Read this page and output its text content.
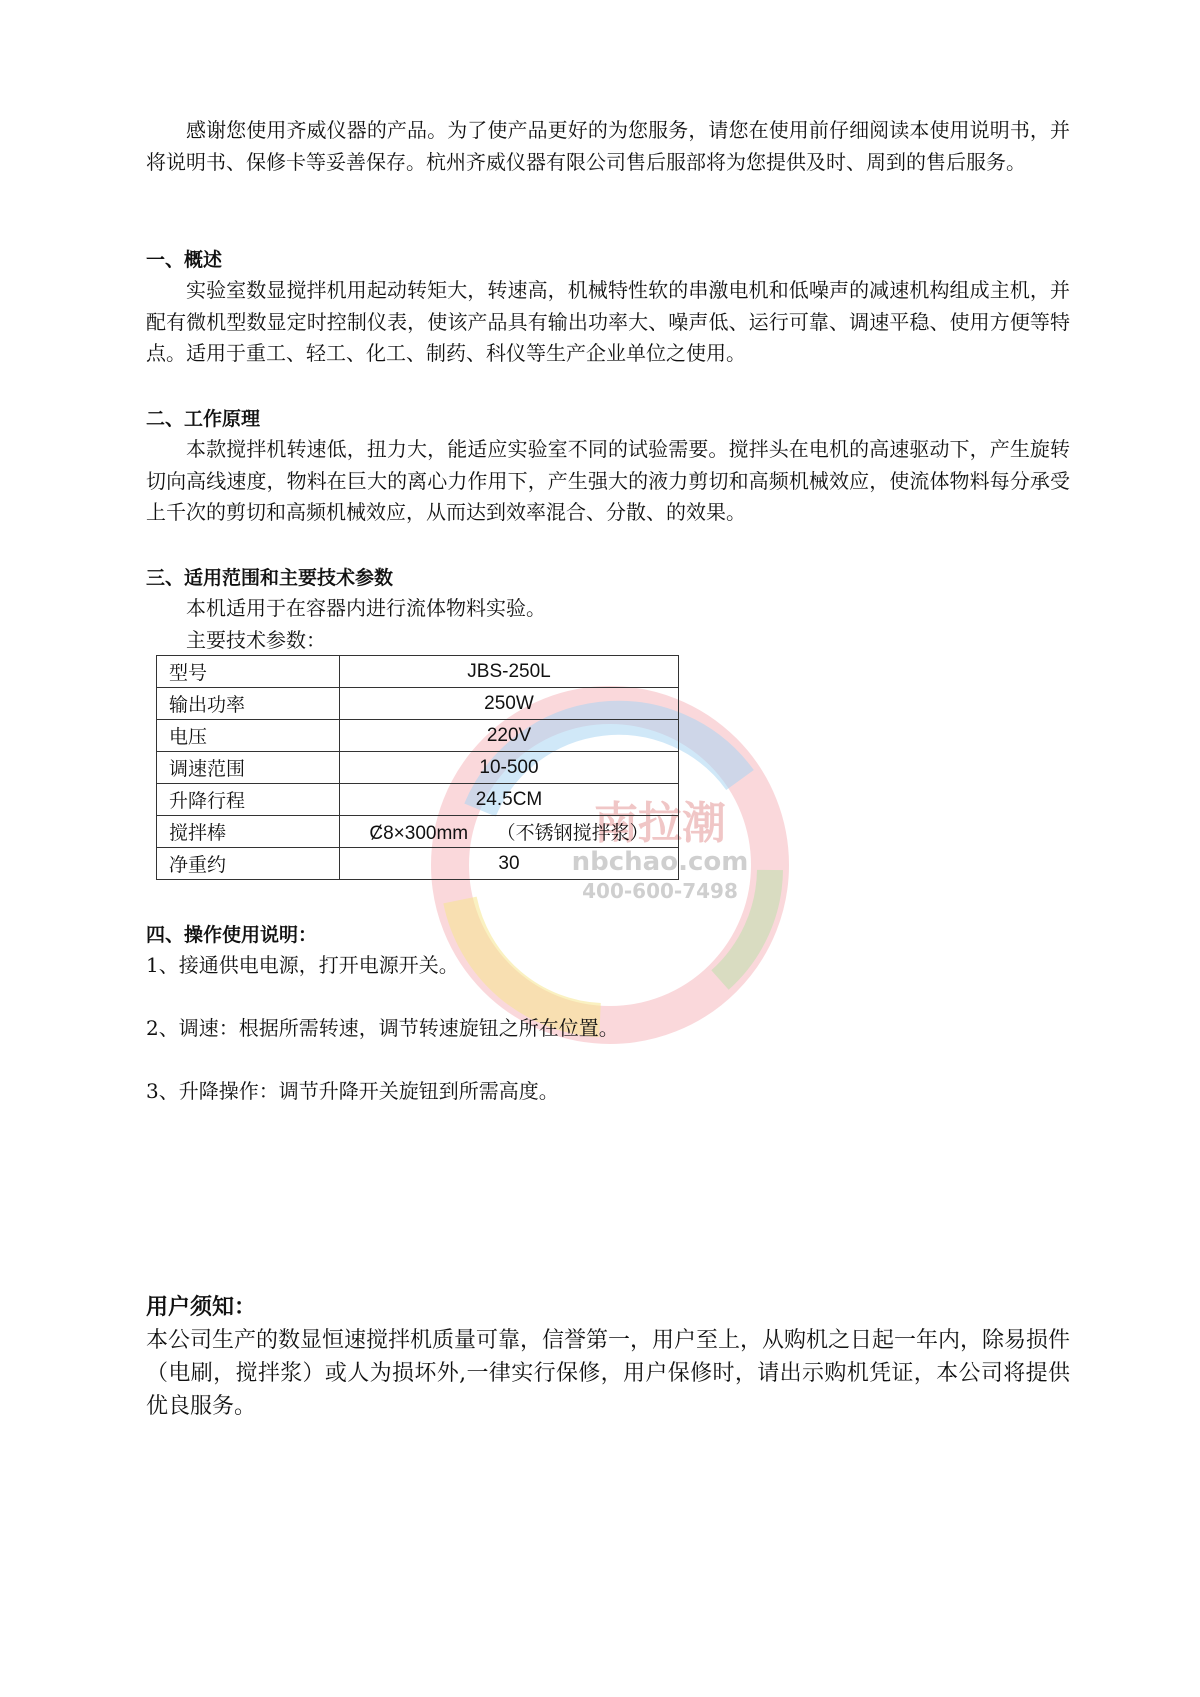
南拉潮
nbchao.com
400-600-7498

感谢您使用齐威仪器的产品。为了使产品更好的为您服务，请您在使用前仔细阅读本使用说明书，并将说明书、保修卡等妥善保存。杭州齐威仪器有限公司售后服部将为您提供及时、周到的售后服务。

一、概述

实验室数显搅拌机用起动转矩大，转速高，机械特性软的串激电机和低噪声的减速机构组成主机，并配有微机型数显定时控制仪表，使该产品具有输出功率大、噪声低、运行可靠、调速平稳、使用方便等特点。适用于重工、轻工、化工、制药、科仪等生产企业单位之使用。

二、工作原理

本款搅拌机转速低，扭力大，能适应实验室不同的试验需要。搅拌头在电机的高速驱动下，产生旋转切向高线速度，物料在巨大的离心力作用下，产生强大的液力剪切和高频机械效应，使流体物料每分承受上千次的剪切和高频机械效应，从而达到效率混合、分散、的效果。

三、适用范围和主要技术参数

本机适用于在容器内进行流体物料实验。

主要技术参数：

型号	JBS-250L
输出功率	250W
电压	220V
调速范围	10-500
升降行程	24.5CM
搅拌棒	Ȼ8×300mm　　（不锈钢搅拌浆）
净重约	30

四、操作使用说明：

1、接通供电电源，打开电源开关。

2、调速：根据所需转速，调节转速旋钮之所在位置。

3、升降操作：调节升降开关旋钮到所需高度。

用户须知：

本公司生产的数显恒速搅拌机质量可靠，信誉第一，用户至上，从购机之日起一年内，除易损件（电刷，搅拌浆）或人为损坏外,一律实行保修，用户保修时，请出示购机凭证，本公司将提供优良服务。
